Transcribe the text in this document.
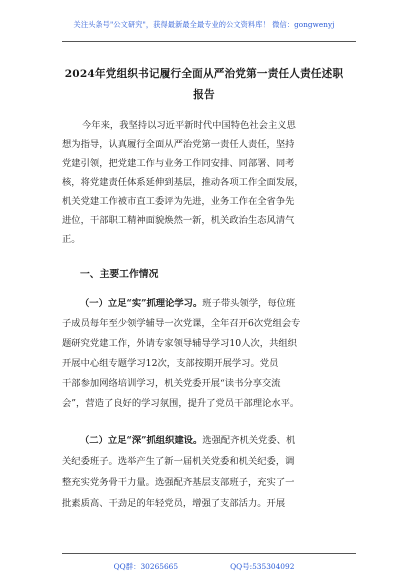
关注头条号"公文研究"，获得最新最全最专业的公文资料库！ 微信：gongwenyj
2024年党组织书记履行全面从严治党第一责任人责任述职
报告
今年来，我坚持以习近平新时代中国特色社会主义思
想为指导，认真履行全面从严治党第一责任人责任，坚持
党建引领，把党建工作与业务工作同安排、同部署、同考
核，将党建责任体系延伸到基层，推动各项工作全面发展，
机关党建工作被市直工委评为先进，业务工作在全省争先
进位，干部职工精神面貌焕然一新，机关政治生态风清气
正。
一、主要工作情况
（一）立足“实”抓理论学习。班子带头领学，每位班
子成员每年至少领学辅导一次党课，全年召开6次党组会专
题研究党建工作，外请专家领导辅导学习10人次，共组织
开展中心组专题学习12次，支部按期开展学习。党员
干部参加网络培训学习，机关党委开展“读书分享交流
会”，营造了良好的学习氛围，提升了党员干部理论水平。
（二）立足“深”抓组织建设。选强配齐机关党委、机
关纪委班子。选举产生了新一届机关党委和机关纪委，调
整充实党务骨干力量。选强配齐基层支部班子，充实了一
批素质高、干劲足的年轻党员，增强了支部活力。开展
QQ群：30265665	QQ号:535304092
